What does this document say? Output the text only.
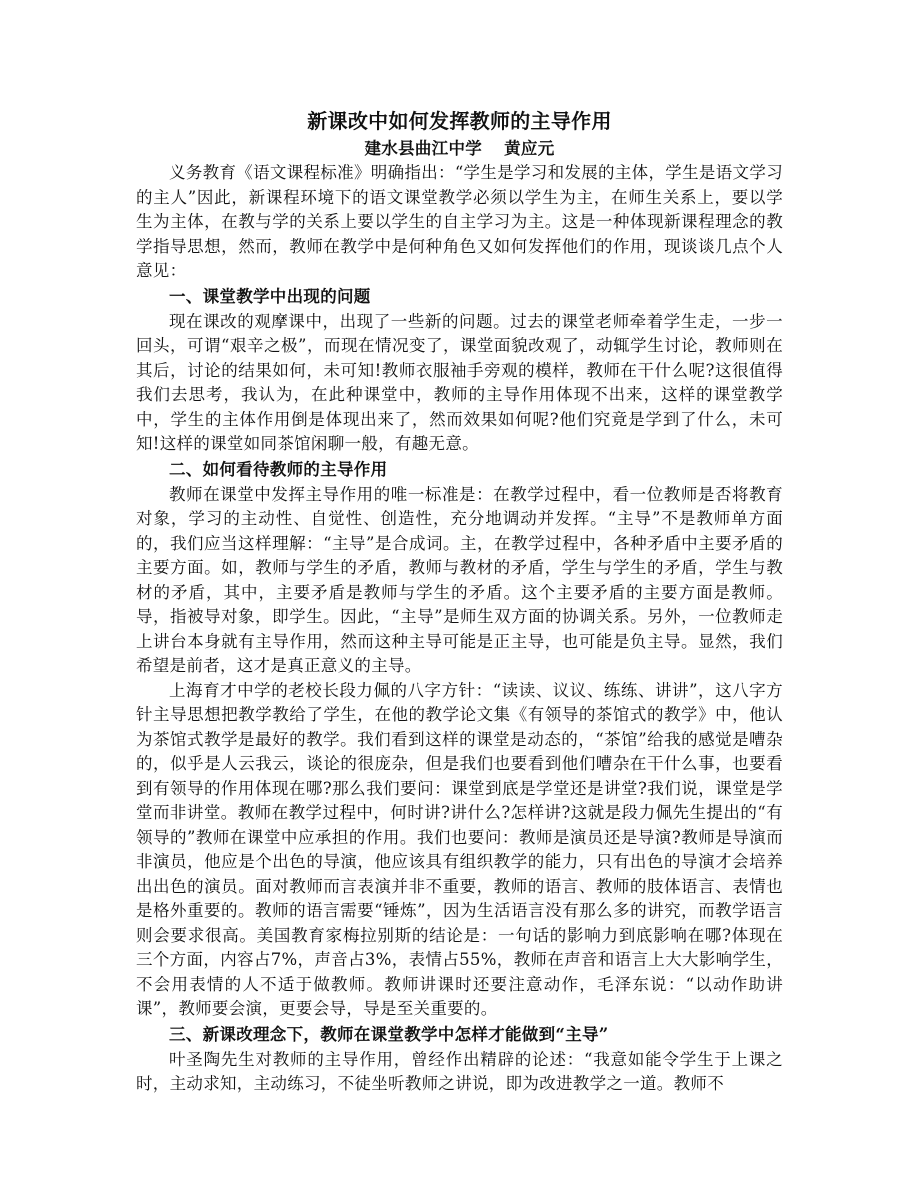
新课改中如何发挥教师的主导作用
建水县曲江中学 黄应元

义务教育《语文课程标准》明确指出：“学生是学习和发展的主体，学生是语文学习的主人”因此，新课程环境下的语文课堂教学必须以学生为主，在师生关系上，要以学生为主体，在教与学的关系上要以学生的自主学习为主。这是一种体现新课程理念的教学指导思想，然而，教师在教学中是何种角色又如何发挥他们的作用，现谈谈几点个人意见：

一、课堂教学中出现的问题

现在课改的观摩课中，出现了一些新的问题。过去的课堂老师牵着学生走，一步一回头，可谓“艰辛之极”，而现在情况变了，课堂面貌改观了，动辄学生讨论，教师则在其后，讨论的结果如何，未可知!教师衣服袖手旁观的模样，教师在干什么呢?这很值得我们去思考，我认为，在此种课堂中，教师的主导作用体现不出来，这样的课堂教学中，学生的主体作用倒是体现出来了，然而效果如何呢?他们究竟是学到了什么，未可知!这样的课堂如同茶馆闲聊一般，有趣无意。

二、如何看待教师的主导作用

教师在课堂中发挥主导作用的唯一标准是：在教学过程中，看一位教师是否将教育对象，学习的主动性、自觉性、创造性，充分地调动并发挥。“主导”不是教师单方面的，我们应当这样理解：“主导”是合成词。主，在教学过程中，各种矛盾中主要矛盾的主要方面。如，教师与学生的矛盾，教师与教材的矛盾，学生与学生的矛盾，学生与教材的矛盾，其中，主要矛盾是教师与学生的矛盾。这个主要矛盾的主要方面是教师。导，指被导对象，即学生。因此，“主导”是师生双方面的协调关系。另外，一位教师走上讲台本身就有主导作用，然而这种主导可能是正主导，也可能是负主导。显然，我们希望是前者，这才是真正意义的主导。

上海育才中学的老校长段力佩的八字方针：“读读、议议、练练、讲讲”，这八字方针主导思想把教学教给了学生，在他的教学论文集《有领导的茶馆式的教学》中，他认为茶馆式教学是最好的教学。我们看到这样的课堂是动态的，“茶馆”给我的感觉是嘈杂的，似乎是人云我云，谈论的很庞杂，但是我们也要看到他们嘈杂在干什么事，也要看到有领导的作用体现在哪?那么我们要问：课堂到底是学堂还是讲堂?我们说，课堂是学堂而非讲堂。教师在教学过程中，何时讲?讲什么?怎样讲?这就是段力佩先生提出的“有领导的”教师在课堂中应承担的作用。我们也要问：教师是演员还是导演?教师是导演而非演员，他应是个出色的导演，他应该具有组织教学的能力，只有出色的导演才会培养出出色的演员。面对教师而言表演并非不重要，教师的语言、教师的肢体语言、表情也是格外重要的。教师的语言需要“锤炼”，因为生活语言没有那么多的讲究，而教学语言则会要求很高。美国教育家梅拉别斯的结论是：一句话的影响力到底影响在哪?体现在三个方面，内容占7%，声音占3%，表情占55%，教师在声音和语言上大大影响学生，不会用表情的人不适于做教师。教师讲课时还要注意动作，毛泽东说：“以动作助讲课”，教师要会演，更要会导，导是至关重要的。

三、新课改理念下，教师在课堂教学中怎样才能做到“主导”

叶圣陶先生对教师的主导作用，曾经作出精辟的论述：“我意如能令学生于上课之时，主动求知，主动练习，不徒坐听教师之讲说，即为改进教学之一道。教师不
